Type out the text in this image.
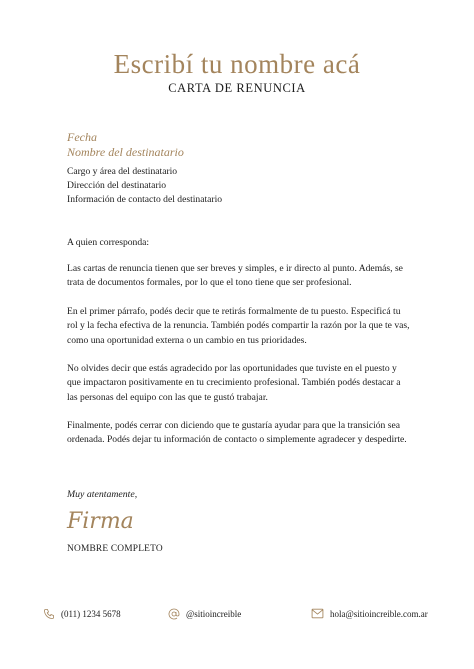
Escribí tu nombre acá
CARTA DE RENUNCIA
Fecha
Nombre del destinatario
Cargo y área del destinatario
Dirección del destinatario
Información de contacto del destinatario
A quien corresponda:

Las cartas de renuncia tienen que ser breves y simples, e ir directo al punto. Además, se trata de documentos formales, por lo que el tono tiene que ser profesional.

En el primer párrafo, podés decir que te retirás formalmente de tu puesto. Especificá tu rol y la fecha efectiva de la renuncia. También podés compartir la razón por la que te vas, como una oportunidad externa o un cambio en tus prioridades.

No olvides decir que estás agradecido por las oportunidades que tuviste en el puesto y que impactaron positivamente en tu crecimiento profesional. También podés destacar a las personas del equipo con las que te gustó trabajar.

Finalmente, podés cerrar con diciendo que te gustaría ayudar para que la transición sea ordenada. Podés dejar tu información de contacto o simplemente agradecer y despedirte.

Muy atentamente,
Firma
NOMBRE COMPLETO
(011) 1234 5678	@sitioincreible	hola@sitioincreible.com.ar
